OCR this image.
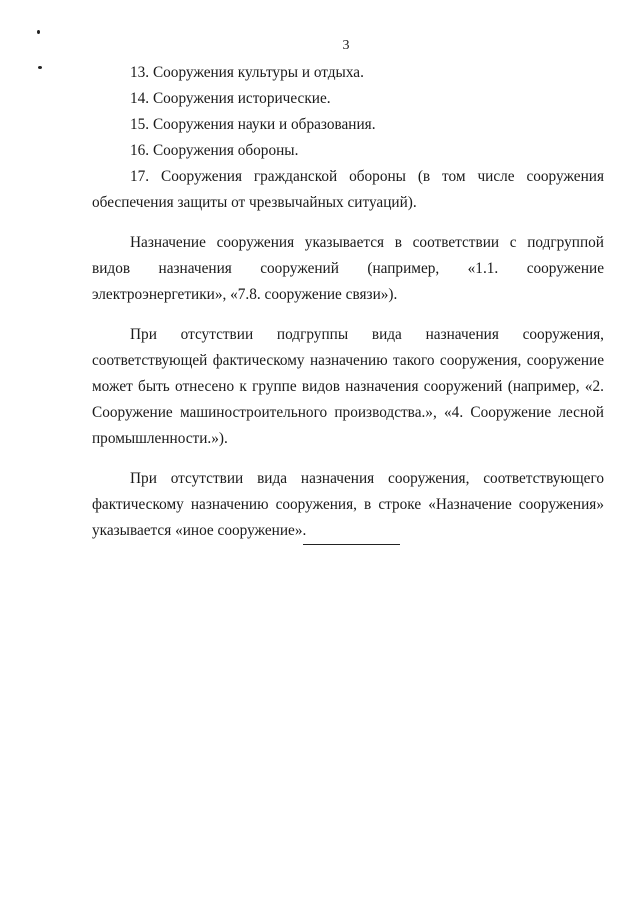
3

13. Сооружения культуры и отдыха.

14. Сооружения исторические.

15. Сооружения науки и образования.

16. Сооружения обороны.

17. Сооружения гражданской обороны (в том числе сооружения обеспечения защиты от чрезвычайных ситуаций).

Назначение сооружения указывается в соответствии с подгруппой видов назначения сооружений (например, «1.1. сооружение электроэнергетики», «7.8. сооружение связи»).

При отсутствии подгруппы вида назначения сооружения, соответствующей фактическому назначению такого сооружения, сооружение может быть отнесено к группе видов назначения сооружений (например, «2. Сооружение машиностроительного производства.», «4. Сооружение лесной промышленности.»).

При отсутствии вида назначения сооружения, соответствующего фактическому назначению сооружения, в строке «Назначение сооружения» указывается «иное сооружение».
